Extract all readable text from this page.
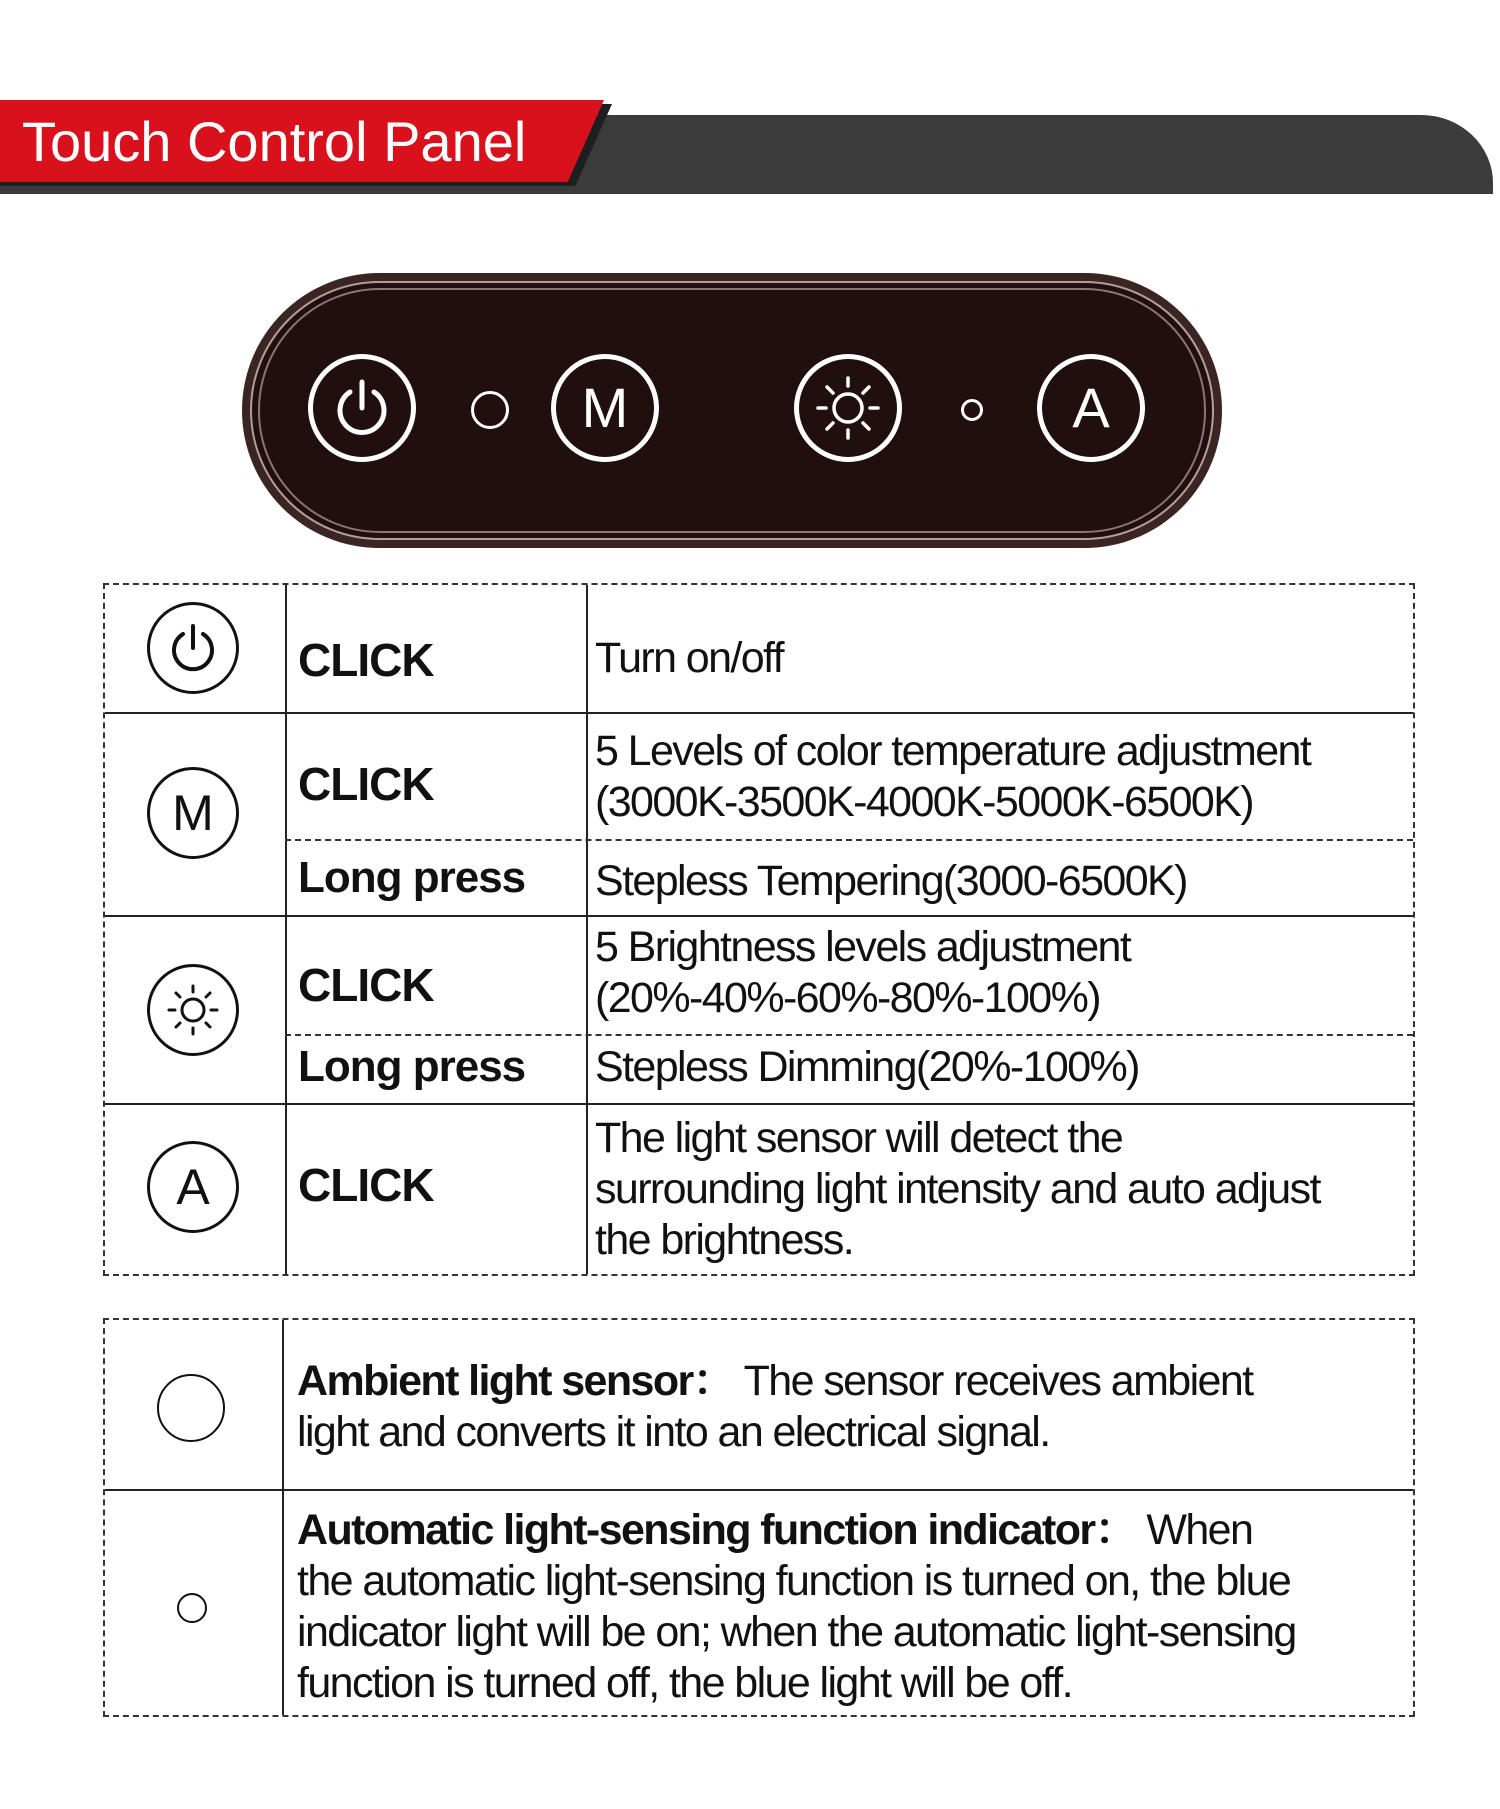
Touch Control Panel
M	A
M
A
CLICK
CLICK
Long press
CLICK
Long press
CLICK
Turn on/off
5 Levels of color temperature adjustment
(3000K-3500K-4000K-5000K-6500K)
Stepless Tempering(3000-6500K)
5 Brightness levels adjustment
(20%-40%-60%-80%-100%)
Stepless Dimming(20%-100%)
The light sensor will detect the
surrounding light intensity and auto adjust
the brightness.
Ambient light sensor： The sensor receives ambient
light and converts it into an electrical signal.
Automatic light-sensing function indicator： When
the automatic light-sensing function is turned on, the blue
indicator light will be on; when the automatic light-sensing
function is turned off, the blue light will be off.
